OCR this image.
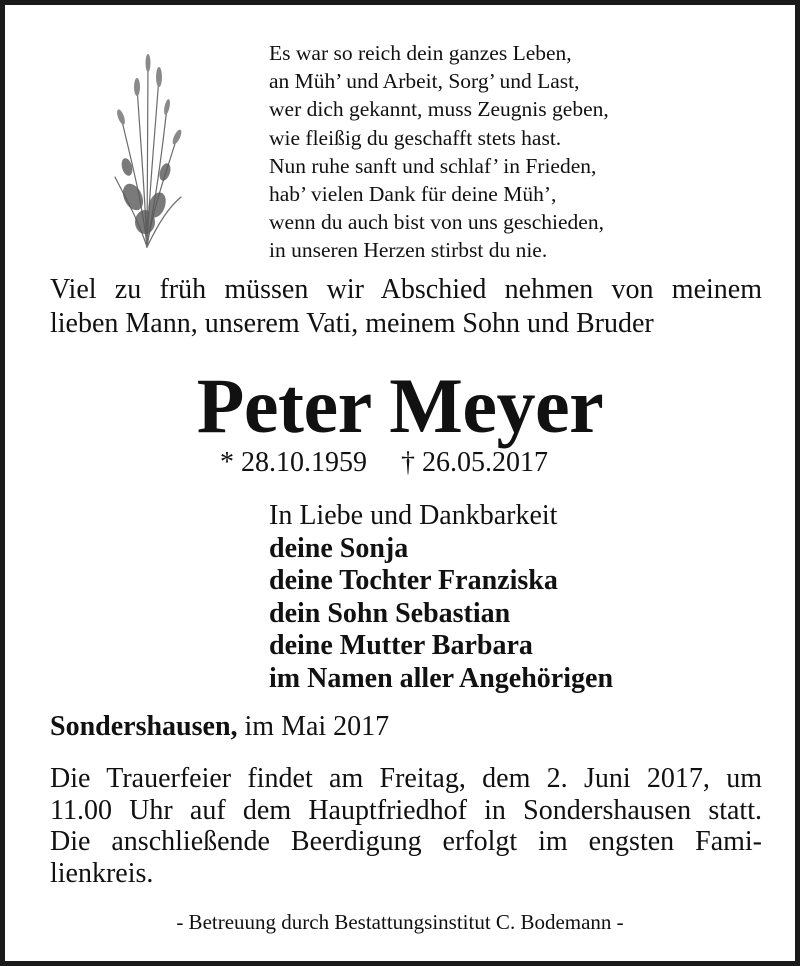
Es war so reich dein ganzes Leben,
an Müh’ und Arbeit, Sorg’ und Last,
wer dich gekannt, muss Zeugnis geben,
wie fleißig du geschafft stets hast.
Nun ruhe sanft und schlaf’ in Frieden,
hab’ vielen Dank für deine Müh’,
wenn du auch bist von uns geschieden,
in unseren Herzen stirbst du nie.
Viel zu früh müssen wir Abschied nehmen von meinem
lieben Mann, unserem Vati, meinem Sohn und Bruder
Peter Meyer
* 28.10.1959 † 26.05.2017
In Liebe und Dankbarkeit
deine Sonja
deine Tochter Franziska
dein Sohn Sebastian
deine Mutter Barbara
im Namen aller Angehörigen
Sondershausen, im Mai 2017
Die Trauerfeier findet am Freitag, dem 2. Juni 2017, um
11.00 Uhr auf dem Hauptfriedhof in Sondershausen statt.
Die anschließende Beerdigung erfolgt im engsten Fami-
lienkreis.
- Betreuung durch Bestattungsinstitut C. Bodemann -
